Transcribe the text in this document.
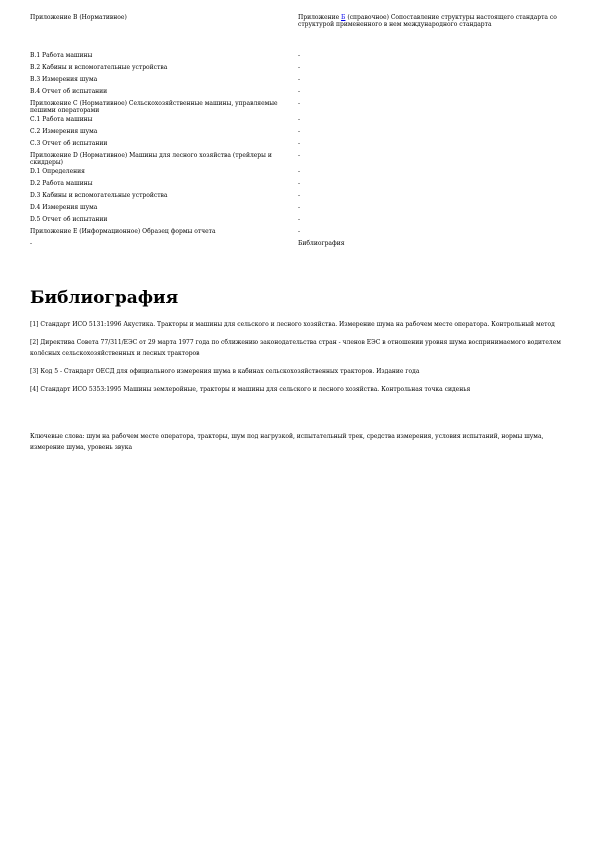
Приложение В (Нормативное)	Приложение Б (справочное) Сопоставление структуры настоящего стандарта со структурой примененного в нем международного стандарта
В.1 Работа машины	-
В.2 Кабины и вспомогательные устройства	-
В.3 Измерения шума	-
В.4 Отчет об испытании	-
Приложение С (Нормативное) Сельскохозяйственные машины, управляемые пешими операторами	-
С.1 Работа машины	-
С.2 Измерения шума	-
С.3 Отчет об испытании	-
Приложение D (Нормативное) Машины для лесного хозяйства (трейлеры и скиддеры)	-
D.1 Определения	-
D.2 Работа машины	-
D.3 Кабины и вспомогательные устройства	-
D.4 Измерения шума	-
D.5 Отчет об испытании	-
Приложение Е (Информационное) Образец формы отчета	-
-	Библиография
Библиография

[1] Стандарт ИСО 5131:1996 Акустика. Тракторы и машины для сельского и лесного хозяйства. Измерение шума на рабочем месте оператора. Контрольный метод

[2] Директива Совета 77/311/ЕЭС от 29 марта 1977 года по сближению законодательства стран - членов ЕЭС в отношении уровня шума воспринимаемого водителем колёсных сельскохозяйственных и лесных тракторов

[3] Код 5 - Стандарт ОЕСД для официального измерения шума в кабинах сельскохозяйственных тракторов. Издание года

[4] Стандарт ИСО 5353:1995 Машины землеройные, тракторы и машины для сельского и лесного хозяйства. Контрольная точка сиденья

Ключевые слова: шум на рабочем месте оператора, тракторы, шум под нагрузкой, испытательный трек, средства измерения, условия испытаний, нормы шума, измерение шума, уровень звука
